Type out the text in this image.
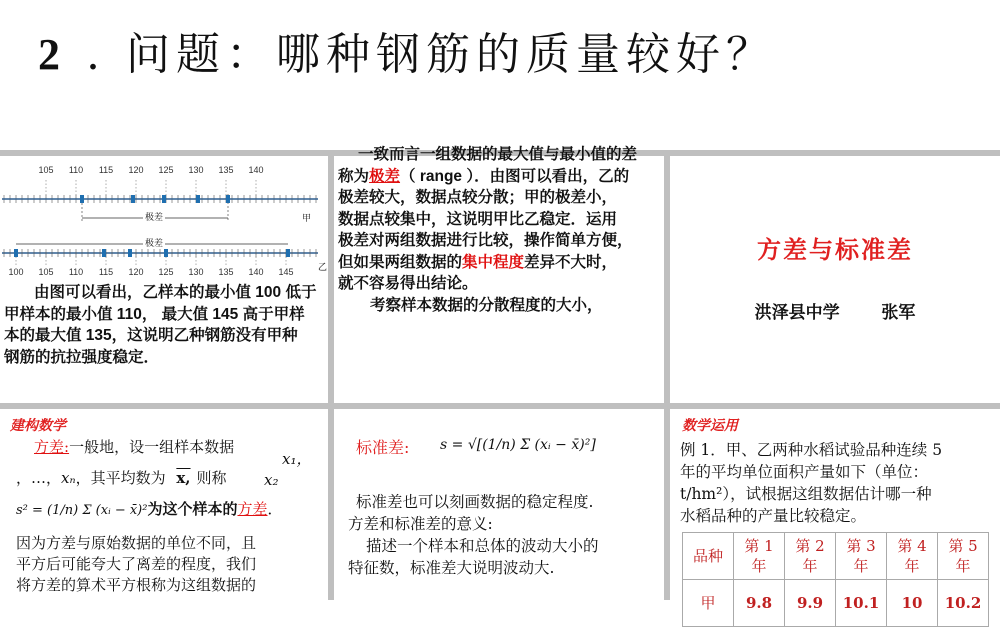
2 . 问题：哪种钢筋的质量较好？
105 110 115 120 125 130 135 140
100 105 110 115 120 125 130 135 140 145
极差
极差
甲
乙
由图可以看出，乙样本的最小值 100 低于
甲样本的最小值 110， 最大值 145 高于甲样
本的最大值 135，这说明乙种钢筋没有甲种
钢筋的抗拉强度稳定．
一致而言一组数据的最大值与最小值的差
称为极差（ range ）．由图可以看出，乙的
极差较大，数据点较分散；甲的极差小，
数据点较集中，这说明甲比乙稳定．运用
极差对两组数据进行比较，操作简单方便，
但如果两组数据的集中程度差异不大时，
就不容易得出结论。
考察样本数据的分散程度的大小，
方差与标准差
洪泽县中学 张军
建构数学
方差:一般地，设一组样本数据
x₁，x₂
，…，xₙ，其平均数为 x, 则称
s² = (1/n) Σ (xᵢ − x̄)²为这个样本的方差．
因为方差与原始数据的单位不同，且
平方后可能夸大了离差的程度，我们
将方差的算术平方根称为这组数据的
标准差: s = √[(1/n) Σ (xᵢ − x̄)²]
标准差也可以刻画数据的稳定程度.
方差和标准差的意义:
描述一个样本和总体的波动大小的
特征数，标准差大说明波动大.
数学运用
例 1．甲、乙两种水稻试验品种连续 5
年的平均单位面积产量如下（单位：
t/hm²），试根据这组数据估计哪一种
水稻品种的产量比较稳定。
品种	第 1 年	第 2 年	第 3 年	第 4 年	第 5 年
甲	9.8	9.9	10.1	10	10.2
